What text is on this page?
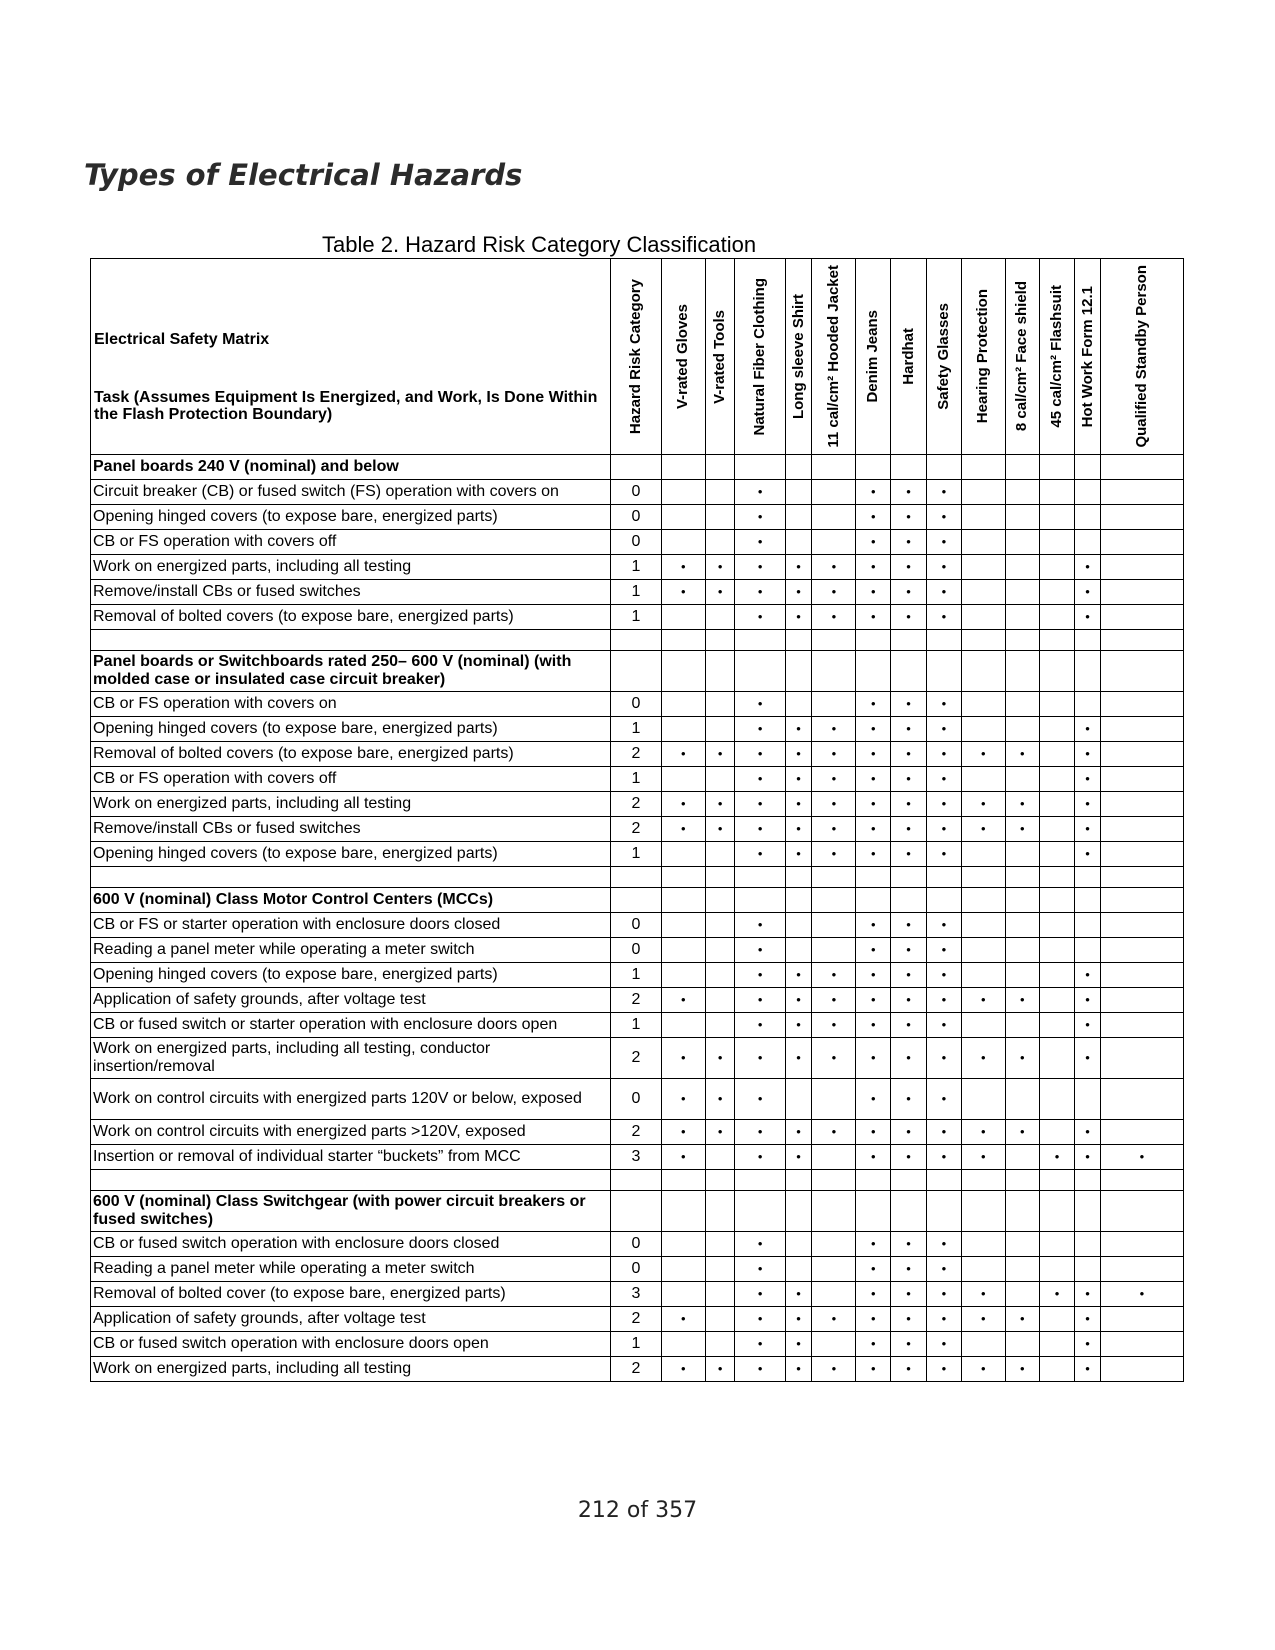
Types of Electrical Hazards
Table 2. Hazard Risk Category Classification
Electrical Safety Matrix
Task (Assumes Equipment Is Energized, and Work, Is Done Within the Flash Protection Boundary)	Hazard Risk Category	V-rated Gloves	V-rated Tools	Natural Fiber Clothing	Long sleeve Shirt	11 cal/cm² Hooded Jacket	Denim Jeans	Hardhat	Safety Glasses	Hearing Protection	8 cal/cm² Face shield	45 cal/cm² Flashsuit	Hot Work Form 12.1	Qualified Standby Person

Panel boards 240 V (nominal) and below														
Circuit breaker (CB) or fused switch (FS) operation with covers on	0			•			•	•	•					
Opening hinged covers (to expose bare, energized parts)	0			•			•	•	•					
CB or FS operation with covers off	0			•			•	•	•					
Work on energized parts, including all testing	1	•	•	•	•	•	•	•	•				•	
Remove/install CBs or fused switches	1	•	•	•	•	•	•	•	•				•	
Removal of bolted covers (to expose bare, energized parts)	1			•	•	•	•	•	•				•	

Panel boards or Switchboards rated 250– 600 V (nominal) (with molded case or insulated case circuit breaker)														
CB or FS operation with covers on	0			•			•	•	•					
Opening hinged covers (to expose bare, energized parts)	1			•	•	•	•	•	•				•	
Removal of bolted covers (to expose bare, energized parts)	2	•	•	•	•	•	•	•	•	•	•		•	
CB or FS operation with covers off	1			•	•	•	•	•	•				•	
Work on energized parts, including all testing	2	•	•	•	•	•	•	•	•	•	•		•	
Remove/install CBs or fused switches	2	•	•	•	•	•	•	•	•	•	•		•	
Opening hinged covers (to expose bare, energized parts)	1			•	•	•	•	•	•				•	

600 V (nominal) Class Motor Control Centers (MCCs)														
CB or FS or starter operation with enclosure doors closed	0			•			•	•	•					
Reading a panel meter while operating a meter switch	0			•			•	•	•					
Opening hinged covers (to expose bare, energized parts)	1			•	•	•	•	•	•				•	
Application of safety grounds, after voltage test	2	•		•	•	•	•	•	•	•	•		•	
CB or fused switch or starter operation with enclosure doors open	1			•	•	•	•	•	•				•	
Work on energized parts, including all testing, conductor insertion/removal	2	•	•	•	•	•	•	•	•	•	•		•	
Work on control circuits with energized parts 120V or below, exposed	0	•	•	•			•	•	•					
Work on control circuits with energized parts >120V, exposed	2	•	•	•	•	•	•	•	•	•	•		•	
Insertion or removal of individual starter “buckets” from MCC	3	•		•	•		•	•	•	•		•	•	•

600 V (nominal) Class Switchgear (with power circuit breakers or fused switches)														
CB or fused switch operation with enclosure doors closed	0			•			•	•	•					
Reading a panel meter while operating a meter switch	0			•			•	•	•					
Removal of bolted cover (to expose bare, energized parts)	3			•	•		•	•	•	•		•	•	•
Application of safety grounds, after voltage test	2	•		•	•	•	•	•	•	•	•		•	
CB or fused switch operation with enclosure doors open	1			•	•		•	•	•				•	
Work on energized parts, including all testing	2	•	•	•	•	•	•	•	•	•	•		•	
212 of 357
